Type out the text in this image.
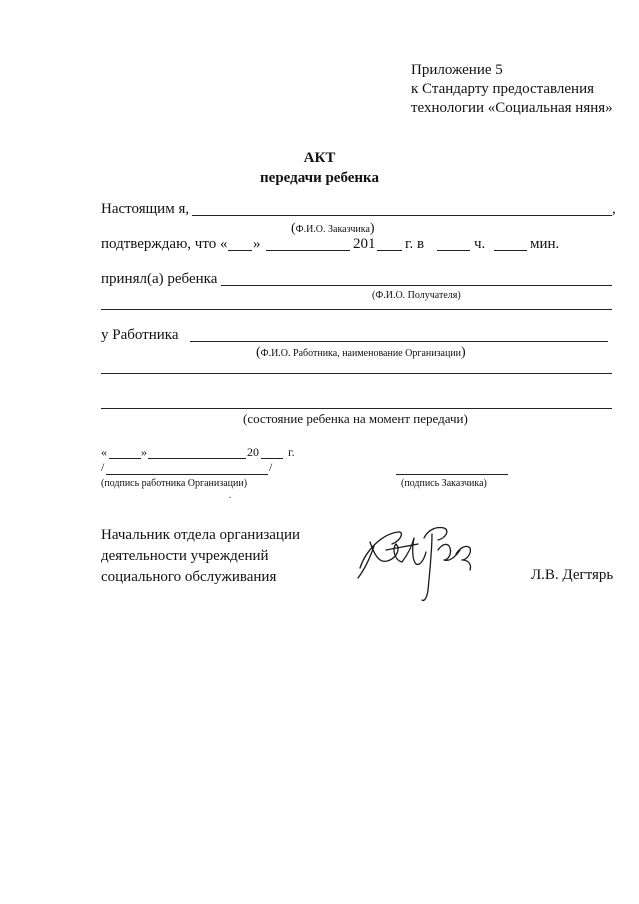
Приложение 5
к Стандарту предоставления
технологии «Социальная няня»
АКТ
передачи ребенка
Настоящим я,	,
(Ф.И.О. Заказчика)
подтверждаю, что « »	201 г. в	ч.	мин.
принял(а) ребенка
(Ф.И.О. Получателя)
у Работника
(Ф.И.О. Работника, наименование Организации)
(состояние ребенка на момент передачи)
«	»	20 г.
/	/
(подпись работника Организации)	(подпись Заказчика)
Начальник отдела организации
деятельности учреждений
социального обслуживания	Л.В. Дегтярь
